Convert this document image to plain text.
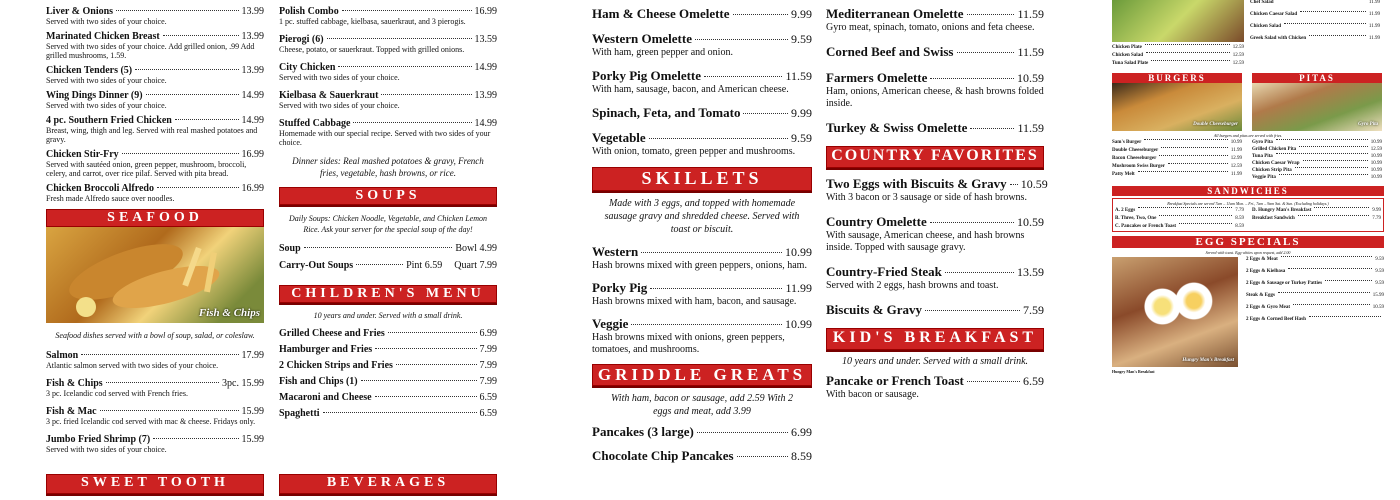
Liver & Onions	13.99
Served with two sides of your choice.
Marinated Chicken Breast	13.99
Served with two sides of your choice. Add grilled onion, .99 Add grilled mushrooms, 1.59.
Chicken Tenders (5)	13.99
Served with two sides of your choice.
Wing Dings Dinner (9)	14.99
Served with two sides of your choice.
4 pc. Southern Fried Chicken	14.99
Breast, wing, thigh and leg. Served with real mashed potatoes and gravy.
Chicken Stir-Fry	16.99
Served with sautéed onion, green pepper, mushroom, broccoli, celery, and carrot, over rice pilaf. Served with pita bread.
Chicken Broccoli Alfredo	16.99
Fresh made Alfredo sauce over noodles.
SEAFOOD
Fish & Chips
Seafood dishes served with a bowl of soup, salad, or coleslaw.
Salmon	17.99
Atlantic salmon served with two sides of your choice.
Fish & Chips	3pc. 15.99
3 pc. Icelandic cod served with French fries.
Fish & Mac	15.99
3 pc. fried Icelandic cod served with mac & cheese. Fridays only.
Jumbo Fried Shrimp (7)	15.99
Served with two sides of your choice.
SWEET TOOTH
Polish Combo	16.99
1 pc. stuffed cabbage, kielbasa, sauerkraut, and 3 pierogis.
Pierogi (6)	13.59
Cheese, potato, or sauerkraut. Topped with grilled onions.
City Chicken	14.99
Served with two sides of your choice.
Kielbasa & Sauerkraut	13.99
Served with two sides of your choice.
Stuffed Cabbage	14.99
Homemade with our special recipe. Served with two sides of your choice.
Dinner sides: Real mashed potatoes & gravy, French fries, vegetable, hash browns, or rice.
SOUPS
Daily Soups: Chicken Noodle, Vegetable, and Chicken Lemon Rice. Ask your server for the special soup of the day!
Soup	Bowl 4.99
Carry-Out Soups	Pint 6.59 Quart 7.99
CHILDREN'S MENU
10 years and under. Served with a small drink.
Grilled Cheese and Fries	6.99
Hamburger and Fries	7.99
2 Chicken Strips and Fries	7.99
Fish and Chips (1)	7.99
Macaroni and Cheese	6.59
Spaghetti	6.59
BEVERAGES
Ham & Cheese Omelette	9.99
Western Omelette	9.59
With ham, green pepper and onion.
Porky Pig Omelette	11.59
With ham, sausage, bacon, and American cheese.
Spinach, Feta, and Tomato	9.99
Vegetable	9.59
With onion, tomato, green pepper and mushrooms.
SKILLETS
Made with 3 eggs, and topped with homemade sausage gravy and shredded cheese. Served with toast or biscuit.
Western	10.99
Hash browns mixed with green peppers, onions, ham.
Porky Pig	11.99
Hash browns mixed with ham, bacon, and sausage.
Veggie	10.99
Hash browns mixed with onions, green peppers, tomatoes, and mushrooms.
GRIDDLE GREATS
With ham, bacon or sausage, add 2.59 With 2 eggs and meat, add 3.99
Pancakes (3 large)	6.99
Chocolate Chip Pancakes	8.59
Mediterranean Omelette	11.59
Gyro meat, spinach, tomato, onions and feta cheese.
Corned Beef and Swiss	11.59
Farmers Omelette	10.59
Ham, onions, American cheese, & hash browns folded inside.
Turkey & Swiss Omelette	11.59
COUNTRY FAVORITES
Two Eggs with Biscuits & Gravy 10.59
With 3 bacon or 3 sausage or side of hash browns.
Country Omelette	10.59
With sausage, American cheese, and hash browns inside. Topped with sausage gravy.
Country-Fried Steak	13.59
Served with 2 eggs, hash browns and toast.
Biscuits & Gravy	7.59
KID'S BREAKFAST
10 years and under. Served with a small drink.
Pancake or French Toast	6.59
With bacon or sausage.
Chicken Plate	12.59
Chicken Salad	12.59
Tuna Salad Plate	12.59
Chef Salad	11.99
Chicken Caesar Salad	11.99
Chicken Salad	11.99
Greek Salad with Chicken	11.99
BURGERS	PITAS
Double Cheeseburger	Gyro Pita
All burgers and pitas are served with fries.
Sam's Burger	10.99
Double Cheeseburger	11.99
Bacon Cheeseburger	12.99
Mushroom Swiss Burger	12.59
Patty Melt	11.99
Gyro Pita	10.99
Grilled Chicken Pita	12.59
Tuna Pita	10.99
Chicken Caesar Wrap	10.99
Chicken Strip Pita	10.99
Veggie Pita	10.99
SANDWICHES
Breakfast Specials are served 7am – 11am Mon. – Fri., 7am – 9am Sat. & Sun. (Excluding holidays.)
A. 2 Eggs	7.79
B. Three, Two, One	8.59
C. Pancakes or French Toast	8.59
D. Hungry Man's Breakfast	9.99
Breakfast Sandwich	7.79
EGG SPECIALS
Served with toast. Egg whites upon request, add 2.00
Hungry Man's Breakfast
2 Eggs & Meat	9.59
2 Eggs & Kielbasa	9.59
2 Eggs & Sausage or Turkey Patties	9.59
Steak & Eggs	15.99
2 Eggs & Gyro Meat	10.59
2 Eggs & Corned Beef Hash
Hungry Man's Breakfast
